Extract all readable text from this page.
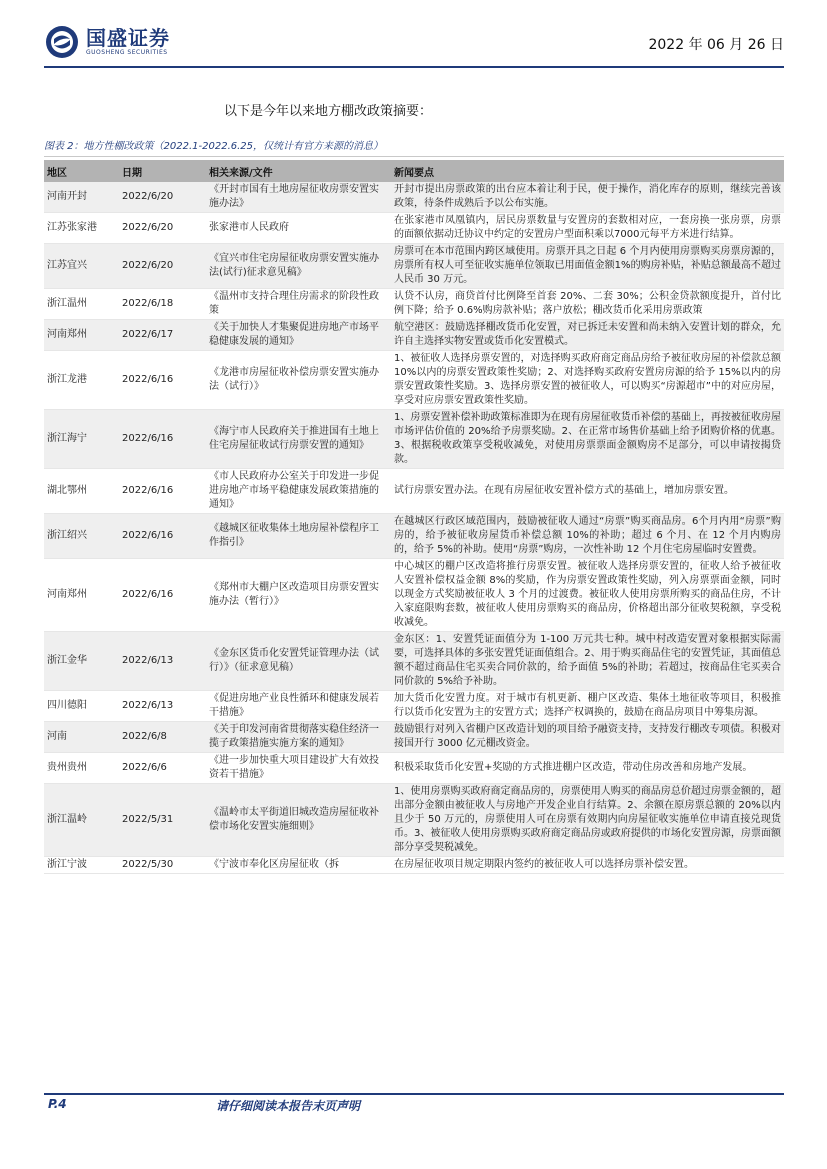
国盛证券
GUOSHENG SECURITIES	2022 年 06 月 26 日
以下是今年以来地方棚改政策摘要：
图表 2：地方性棚改政策（2022.1-2022.6.25，仅统计有官方来源的消息）
地区	日期	相关来源/文件	新闻要点
河南开封	2022/6/20	《开封市国有土地房屋征收房票安置实施办法》	开封市提出房票政策的出台应本着让利于民，便于操作，消化库存的原则，继续完善该政策，待条件成熟后予以公布实施。
江苏张家港	2022/6/20	张家港市人民政府	在张家港市凤凰镇内，居民房票数量与安置房的套数相对应，一套房换一张房票，房票的面额依据动迁协议中约定的安置房户型面积乘以7000元每平方米进行结算。
江苏宜兴	2022/6/20	《宜兴市住宅房屋征收房票安置实施办法(试行)征求意见稿》	房票可在本市范围内跨区域使用。房票开具之日起 6 个月内使用房票购买房票房源的，房票所有权人可至征收实施单位领取已用面值金额1%的购房补贴，补贴总额最高不超过人民币 30 万元。
浙江温州	2022/6/18	《温州市支持合理住房需求的阶段性政策	认贷不认房，商贷首付比例降至首套 20%、二套 30%；公积金贷款额度提升，首付比例下降；给予 0.6%购房款补贴；落户放松；棚改货币化采用房票政策
河南郑州	2022/6/17	《关于加快人才集聚促进房地产市场平稳健康发展的通知》	航空港区：鼓励选择棚改货币化安置，对已拆迁未安置和尚未纳入安置计划的群众，允许自主选择实物安置或货币化安置模式。
浙江龙港	2022/6/16	《龙港市房屋征收补偿房票安置实施办法（试行）》	1、被征收人选择房票安置的，对选择购买政府商定商品房给予被征收房屋的补偿款总额 10%以内的房票安置政策性奖励；2、对选择购买政府安置房房源的给予 15%以内的房票安置政策性奖励。3、选择房票安置的被征收人，可以购买“房源超市”中的对应房屋，享受对应房票安置政策性奖励。
浙江海宁	2022/6/16	《海宁市人民政府关于推进国有土地上住宅房屋征收试行房票安置的通知》	1、房票安置补偿补助政策标准即为在现有房屋征收货币补偿的基础上，再按被征收房屋市场评估价值的 20%给予房票奖励。2、在正常市场售价基础上给予团购价格的优惠。3、根据税收政策享受税收减免，对使用房票票面金额购房不足部分，可以申请按揭贷款。
湖北鄂州	2022/6/16	《市人民政府办公室关于印发进一步促进房地产市场平稳健康发展政策措施的通知》	试行房票安置办法。在现有房屋征收安置补偿方式的基础上，增加房票安置。
浙江绍兴	2022/6/16	《越城区征收集体土地房屋补偿程序工作指引》	在越城区行政区域范围内，鼓励被征收人通过“房票”购买商品房。6个月内用“房票”购房的，给予被征收房屋货币补偿总额 10%的补助；超过 6 个月、在 12 个月内购房的，给予 5%的补助。使用“房票”购房，一次性补助 12 个月住宅房屋临时安置费。
河南郑州	2022/6/16	《郑州市大棚户区改造项目房票安置实施办法（暂行）》	中心城区的棚户区改造将推行房票安置。被征收人选择房票安置的，征收人给予被征收人安置补偿权益金额 8%的奖励，作为房票安置政策性奖励，列入房票票面金额，同时以现金方式奖励被征收人 3 个月的过渡费。被征收人使用房票所购买的商品住房，不计入家庭限购套数，被征收人使用房票购买的商品房，价格超出部分征收契税额，享受税收减免。
浙江金华	2022/6/13	《金东区货币化安置凭证管理办法（试行）》（征求意见稿）	金东区：1、安置凭证面值分为 1-100 万元共七种。城中村改造安置对象根据实际需要，可选择具体的多张安置凭证面值组合。2、用于购买商品住宅的安置凭证，其面值总额不超过商品住宅买卖合同价款的，给予面值 5%的补助；若超过，按商品住宅买卖合同价款的 5%给予补助。
四川德阳	2022/6/13	《促进房地产业良性循环和健康发展若干措施》	加大货币化安置力度。对于城市有机更新、棚户区改造、集体土地征收等项目，积极推行以货币化安置为主的安置方式；选择产权调换的，鼓励在商品房项目中筹集房源。
河南	2022/6/8	《关于印发河南省贯彻落实稳住经济一揽子政策措施实施方案的通知》	鼓励银行对列入省棚户区改造计划的项目给予融资支持，支持发行棚改专项债。积极对接国开行 3000 亿元棚改资金。
贵州贵州	2022/6/6	《进一步加快重大项目建设扩大有效投资若干措施》	积极采取货币化安置+奖励的方式推进棚户区改造，带动住房改善和房地产发展。
浙江温岭	2022/5/31	《温岭市太平街道旧城改造房屋征收补偿市场化安置实施细则》	1、使用房票购买政府商定商品房的，房票使用人购买的商品房总价超过房票金额的，超出部分金额由被征收人与房地产开发企业自行结算。2、余额在原房票总额的 20%以内且少于 50 万元的，房票使用人可在房票有效期内向房屋征收实施单位申请直接兑现货币。3、被征收人使用房票购买政府商定商品房或政府提供的市场化安置房源，房票面额部分享受契税减免。
浙江宁波	2022/5/30	《宁波市奉化区房屋征收（拆	在房屋征收项目规定期限内签约的被征收人可以选择房票补偿安置。
P.4	请仔细阅读本报告末页声明
